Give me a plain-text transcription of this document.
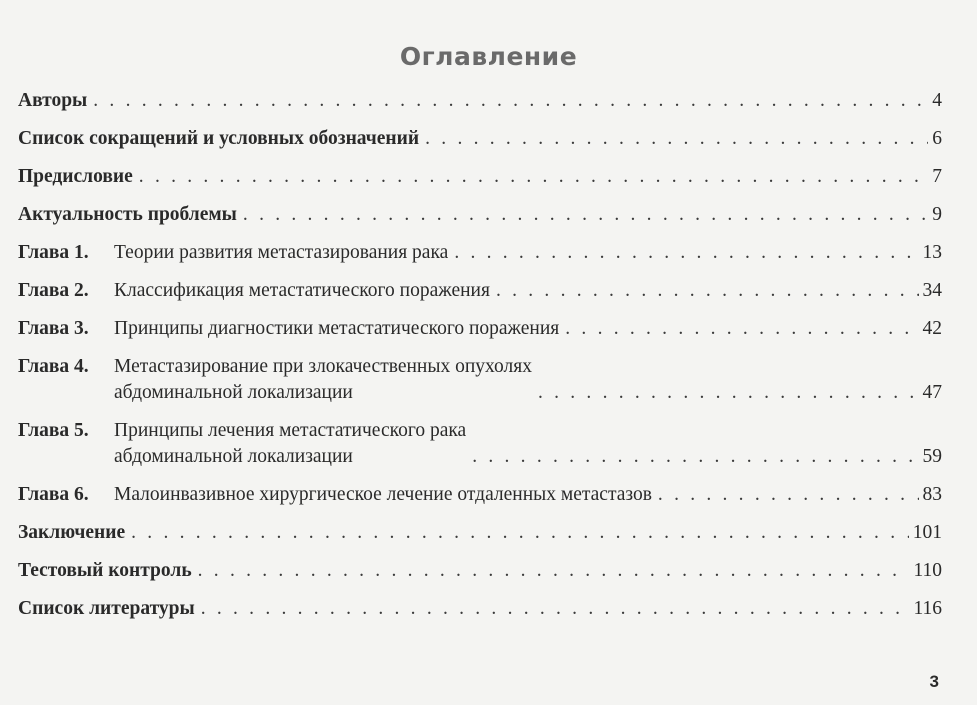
Оглавление
Авторы . . .	4
Список сокращений и условных обозначений . . .	6
Предисловие . . .	7
Актуальность проблемы . . .	9
Глава 1. Теории развития метастазирования рака . . .	13
Глава 2. Классификация метастатического поражения . . .	34
Глава 3. Принципы диагностики метастатического поражения . . .	42
Глава 4. Метастазирование при злокачественных опухолях
абдоминальной локализации . . .	47
Глава 5. Принципы лечения метастатического рака
абдоминальной локализации . . .	59
Глава 6. Малоинвазивное хирургическое лечение отдаленных метастазов . . .	83
Заключение . . .	101
Тестовый контроль . . .	110
Список литературы . . .	116
3
